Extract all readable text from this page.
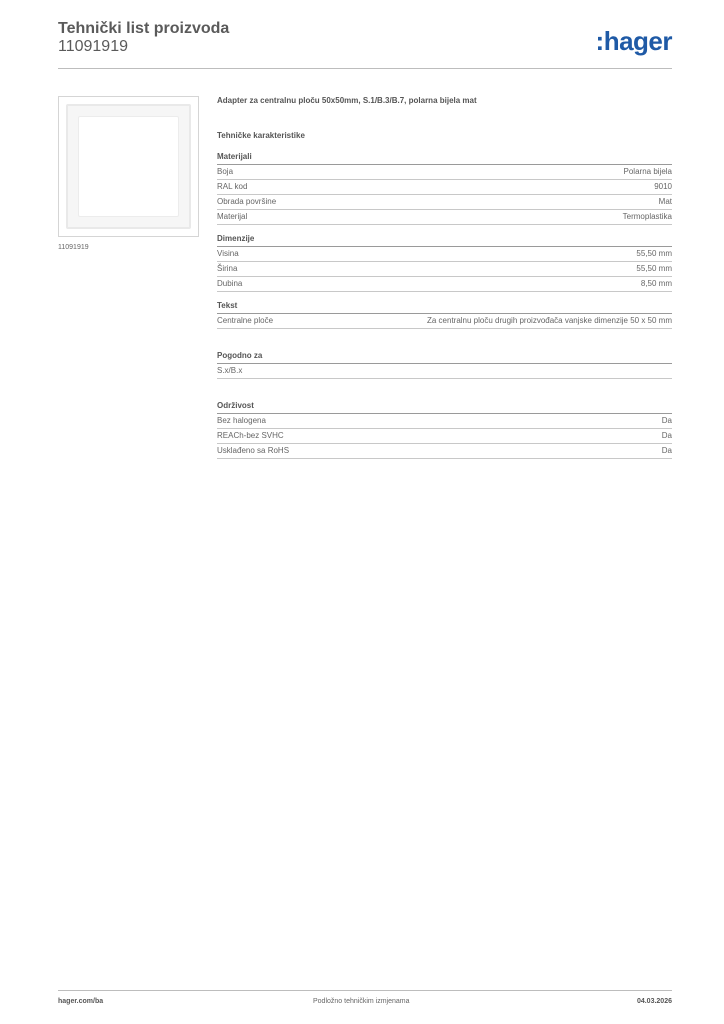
Tehnički list proizvoda
11091919	:hager
11091919
Adapter za centralnu ploču 50x50mm, S.1/B.3/B.7, polarna bijela mat
Tehničke karakteristike
Materijali
Boja	Polarna bijela
RAL kod	9010
Obrada površine	Mat
Materijal	Termoplastika
Dimenzije
Visina	55,50 mm
Širina	55,50 mm
Dubina	8,50 mm
Tekst
Centralne ploče	Za centralnu ploču drugih proizvođača vanjske dimenzije 50 x 50 mm
Pogodno za
S.x/B.x
Održivost
Bez halogena	Da
REACh-bez SVHC	Da
Usklađeno sa RoHS	Da
hager.com/ba	Podložno tehničkim izmjenama	04.03.2026
